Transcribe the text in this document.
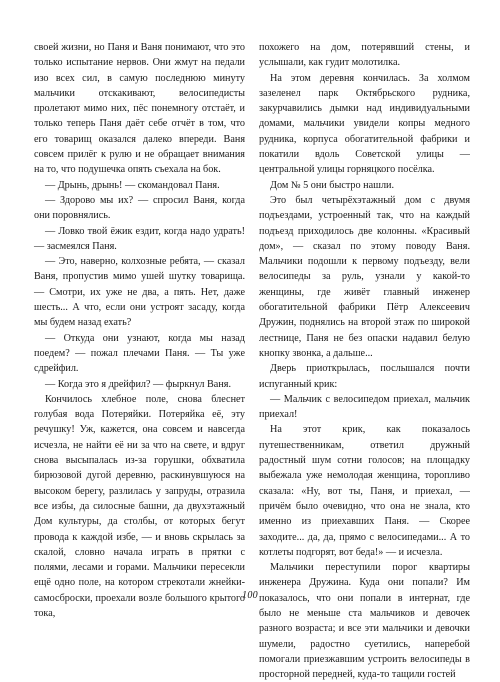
своей жизни, но Паня и Ваня понимают, что это только испытание нервов. Они жмут на педали изо всех сил, в самую последнюю минуту мальчики отскакивают, велосипедисты пролетают мимо них, пёс понемногу отстаёт, и только теперь Паня даёт себе отчёт в том, что его товарищ оказался далеко впереди. Ваня совсем прилёг к рулю и не обращает внимания на то, что подушечка опять съехала на бок.

— Дрынь, дрынь! — скомандовал Паня.

— Здорово мы их? — спросил Ваня, когда они поровнялись.

— Ловко твой ёжик ездит, когда надо удрать! — засмеялся Паня.

— Это, наверно, колхозные ребята, — сказал Ваня, пропустив мимо ушей шутку товарища. — Смотри, их уже не два, а пять. Нет, даже шесть... А что, если они устроят засаду, когда мы будем назад ехать?

— Откуда они узнают, когда мы назад поедем? — пожал плечами Паня. — Ты уже сдрейфил.

— Когда это я дрейфил? — фыркнул Ваня.

Кончилось хлебное поле, снова блеснет голубая вода Потеряйки. Потеряйка её, эту речушку! Уж, кажется, она совсем и навсегда исчезла, не найти её ни за что на свете, и вдруг снова высыпалась из-за горушки, обхватила бирюзовой дугой деревню, раскинувшуюся на высоком берегу, разлилась у запруды, отразила все избы, да силосные башни, да двухэтажный Дом культуры, да столбы, от которых бегут провода к каждой избе, — и вновь скрылась за скалой, словно начала играть в прятки с полями, лесами и горами. Мальчики пересекли ещё одно поле, на котором стрекотали жнейки-самосброски, проехали возле большого крытого тока,

похожего на дом, потерявший стены, и услышали, как гудит молотилка.

На этом деревня кончилась. За холмом зазеленел парк Октябрьского рудника, закурчавились дымки над индивидуальными домами, мальчики увидели копры медного рудника, корпуса обогатительной фабрики и покатили вдоль Советской улицы — центральной улицы горняцкого посёлка.

Дом № 5 они быстро нашли.

Это был четырёхэтажный дом с двумя подъездами, устроенный так, что на каждый подъезд приходилось две колонны. «Красивый дом», — сказал по этому поводу Ваня. Мальчики подошли к первому подъезду, вели велосипеды за руль, узнали у какой-то женщины, где живёт главный инженер обогатительной фабрики Пётр Алексеевич Дружин, поднялись на второй этаж по широкой лестнице, Паня не без опаски надавил белую кнопку звонка, а дальше...

Дверь приоткрылась, послышался почти испуганный крик:

— Мальчик с велосипедом приехал, мальчик приехал!

На этот крик, как показалось путешественникам, ответил дружный радостный шум сотни голосов; на площадку выбежала уже немолодая женщина, торопливо сказала: «Ну, вот ты, Паня, и приехал, — причём было очевидно, что она не знала, кто именно из приехавших Паня. — Скорее заходите... да, да, прямо с велосипедами... А то котлеты подгорят, вот беда!» — и исчезла.

Мальчики переступили порог квартиры инженера Дружина. Куда они попали? Им показалось, что они попали в интернат, где было не меньше ста мальчиков и девочек разного возраста; и все эти мальчики и девочки шумели, радостно суетились, наперебой помогали приезжавшим устроить велосипеды в просторной передней, куда-то тащили гостей

100
